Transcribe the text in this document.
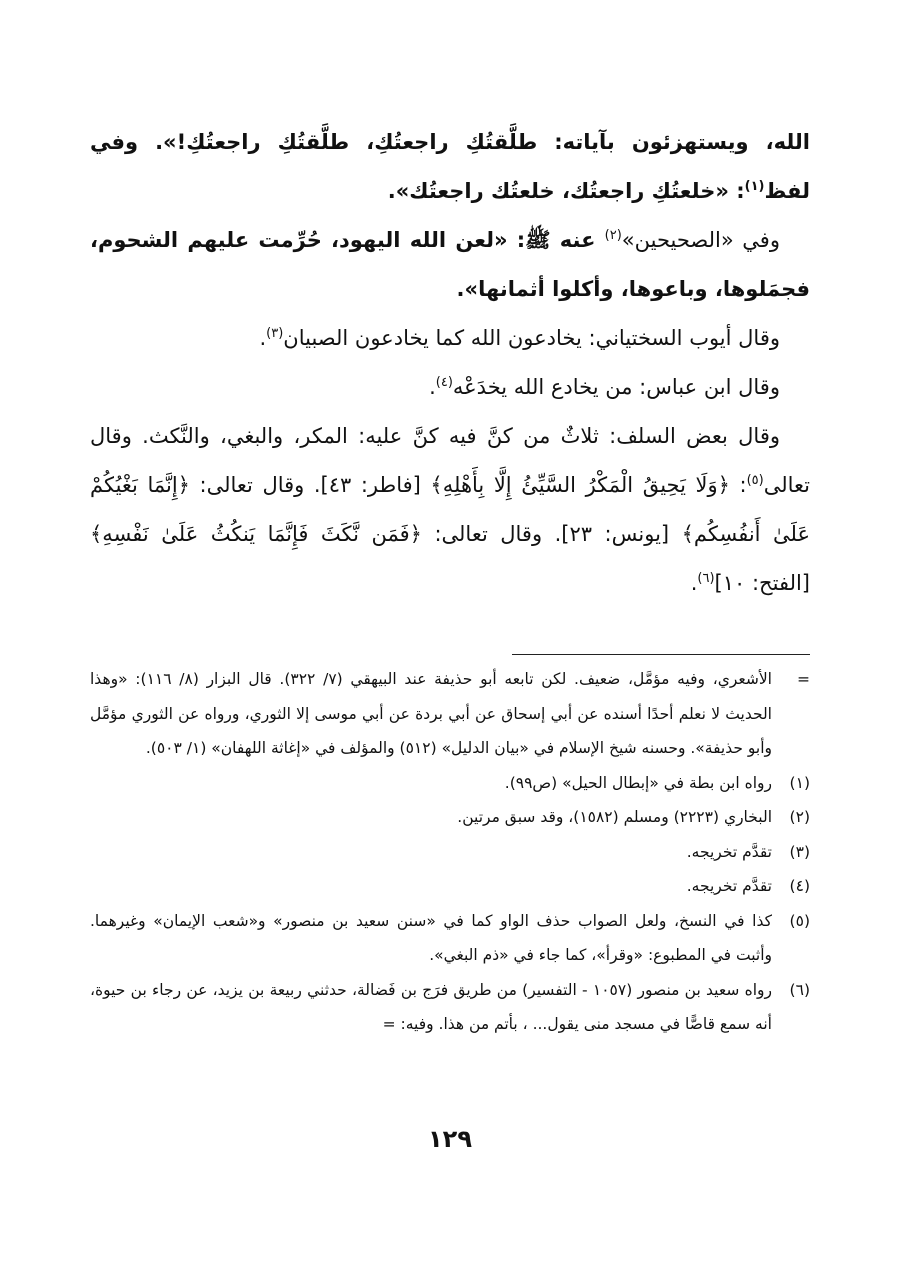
الله، ويستهزئون بآياته: طلَّقتُكِ راجعتُكِ، طلَّقتُكِ راجعتُكِ!». وفي لفظ$^{(١)}$: «خلعتُكِ راجعتُك، خلعتُك راجعتُك».

وفي «الصحيحين»$^{(٢)}$ عنه ﷺ: «لعن الله اليهود، حُرِّمت عليهم الشحوم، فجمَلوها، وباعوها، وأكلوا أثمانها».

وقال أيوب السختياني: يخادعون الله كما يخادعون الصبيان$^{(٣)}$.

وقال ابن عباس: من يخادع الله يخدَعْه$^{(٤)}$.

وقال بعض السلف: ثلاثٌ من كنَّ فيه كنَّ عليه: المكر، والبغي، والنَّكث. وقال تعالى$^{(٥)}$: ﴿وَلَا يَحِيقُ الْمَكْرُ السَّيِّئُ إِلَّا بِأَهْلِهِ﴾ [فاطر: ٤٣]. وقال تعالى: ﴿إِنَّمَا بَغْيُكُمْ عَلَىٰ أَنفُسِكُم﴾ [يونس: ٢٣]. وقال تعالى: ﴿فَمَن نَّكَثَ فَإِنَّمَا يَنكُثُ عَلَىٰ نَفْسِهِ﴾ [الفتح: ١٠]$^{(٦)}$.

=
الأشعري، وفيه مؤمَّل، ضعيف. لكن تابعه أبو حذيفة عند البيهقي (٧/ ٣٢٢). قال البزار (٨/ ١١٦): «وهذا الحديث لا نعلم أحدًا أسنده عن أبي إسحاق عن أبي بردة عن أبي موسى إلا الثوري، ورواه عن الثوري مؤمَّل وأبو حذيفة». وحسنه شيخ الإسلام في «بيان الدليل» (٥١٢) والمؤلف في «إغاثة اللهفان» (١/ ٥٠٣).

(١)
رواه ابن بطة في «إبطال الحيل» (ص٩٩).
(٢)
البخاري (٢٢٢٣) ومسلم (١٥٨٢)، وقد سبق مرتين.
(٣)
تقدَّم تخريجه.
(٤)
تقدَّم تخريجه.
(٥)
كذا في النسخ، ولعل الصواب حذف الواو كما في «سنن سعيد بن منصور» و«شعب الإيمان» وغيرهما. وأثبت في المطبوع: «وقرأ»، كما جاء في «ذم البغي».
(٦)
رواه سعيد بن منصور (١٠٥٧ - التفسير) من طريق فرَج بن فَضالة، حدثني ربيعة بن يزيد، عن رجاء بن حيوة، أنه سمع قاصًّا في مسجد منى يقول... ، بأتم من هذا. وفيه: =
١٢٩
